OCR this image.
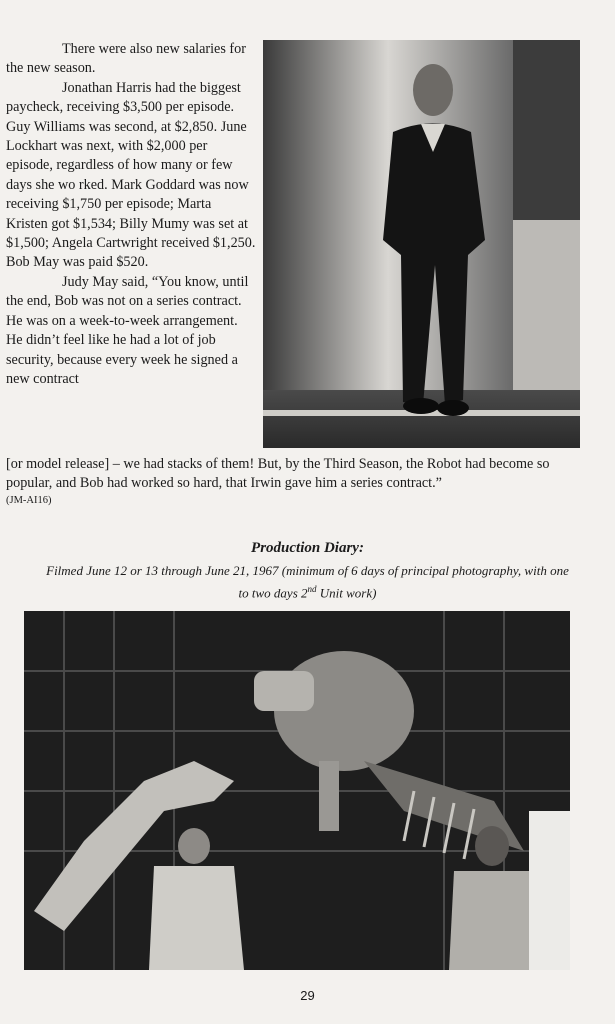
There were also new salaries for the new season.

Jonathan Harris had the biggest paycheck, receiving $3,500 per episode. Guy Williams was second, at $2,850. June Lockhart was next, with $2,000 per episode, regardless of how many or few days she wo rked. Mark Goddard was now receiving $1,750 per episode; Marta Kristen got $1,534; Billy Mumy was set at $1,500; Angela Cartwright received $1,250. Bob May was paid $520.

Judy May said, “You know, until the end, Bob was not on a series contract. He was on a week-to-week arrangement. He didn’t feel like he had a lot of job security, because every week he signed a new contract

[or model release] – we had stacks of them! But, by the Third Season, the Robot had become so popular, and Bob had worked so hard, that Irwin gave him a series contract.”

(JM-AI16)

Production Diary:
Filmed June 12 or 13 through June 21, 1967 (minimum of 6 days of principal photography, with one to two days 2nd Unit work)
29
